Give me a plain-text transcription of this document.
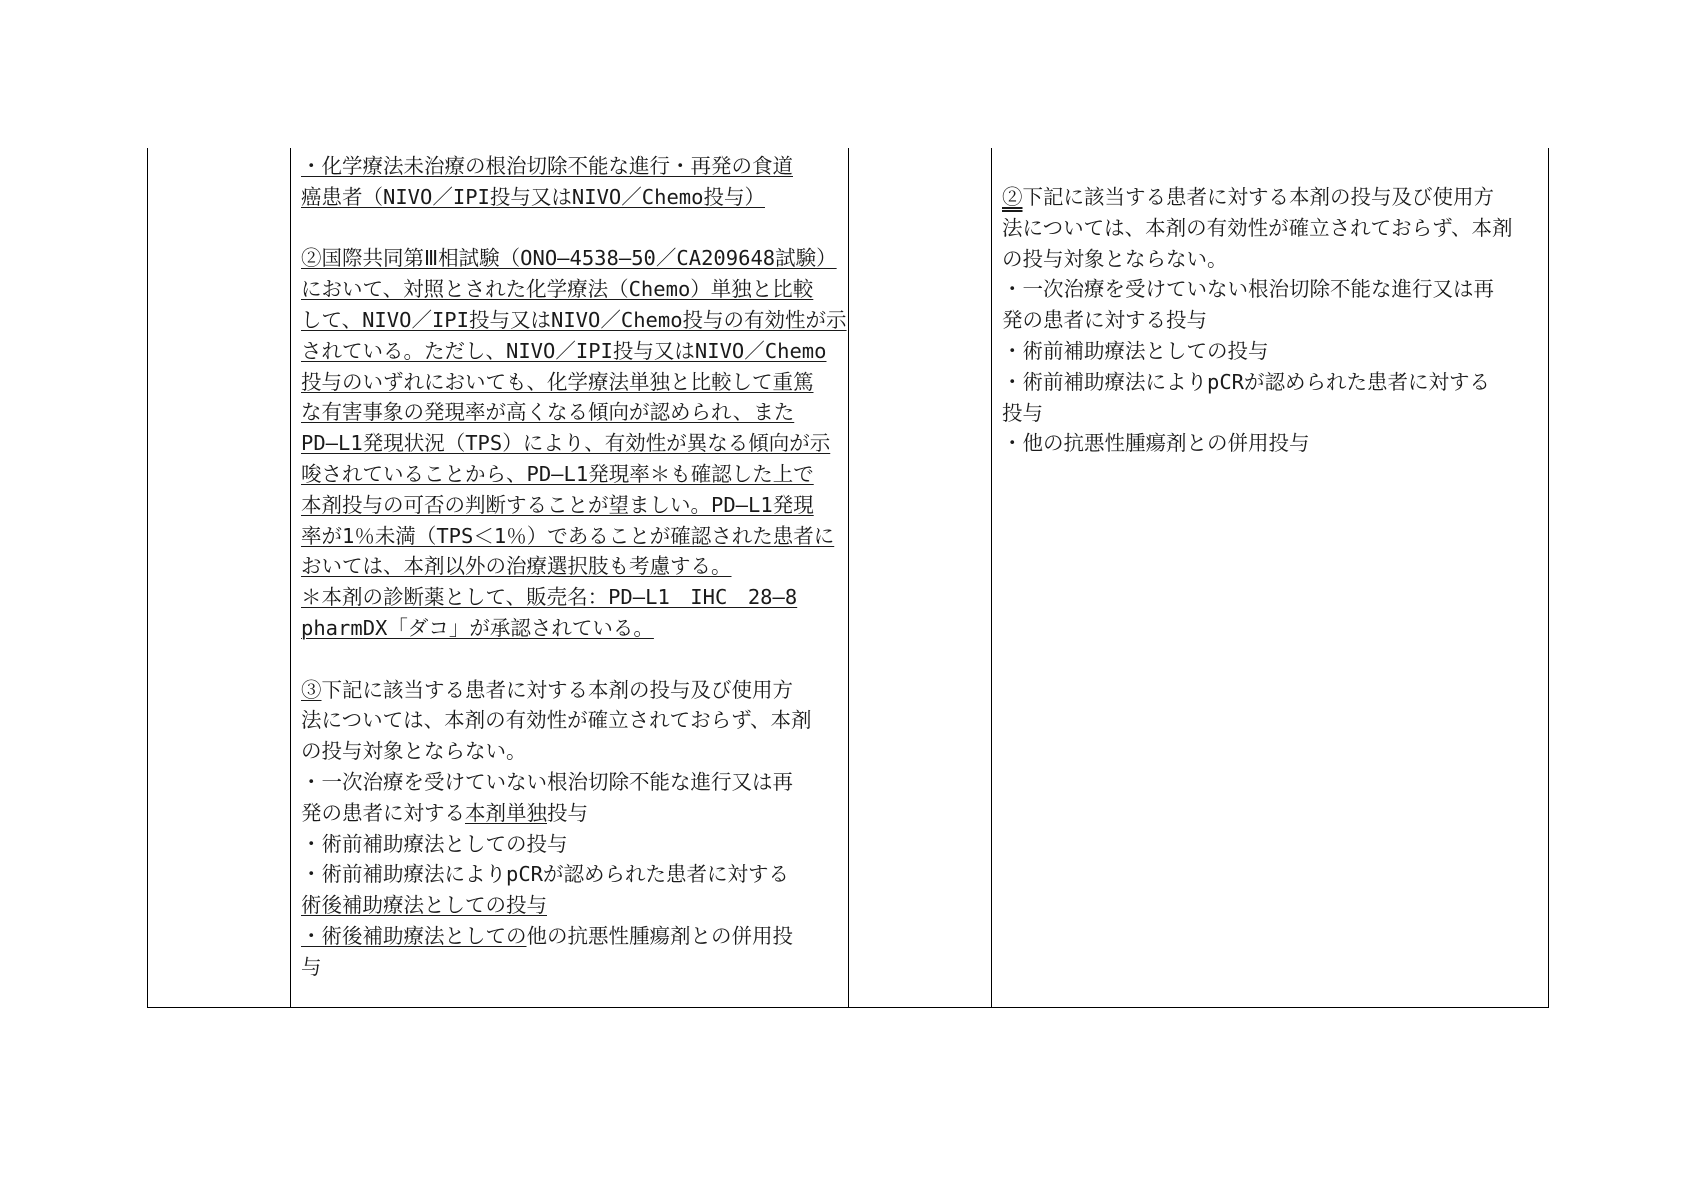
・化学療法未治療の根治切除不能な進行・再発の食道
癌患者（NIVO／IPI投与又はNIVO／Chemo投与）
②国際共同第Ⅲ相試験（ONO―4538―50／CA209648試験）
において、対照とされた化学療法（Chemo）単独と比較
して、NIVO／IPI投与又はNIVO／Chemo投与の有効性が示
されている。ただし、NIVO／IPI投与又はNIVO／Chemo
投与のいずれにおいても、化学療法単独と比較して重篤
な有害事象の発現率が高くなる傾向が認められ、また
PD―L1発現状況（TPS）により、有効性が異なる傾向が示
唆されていることから、PD―L1発現率＊も確認した上で
本剤投与の可否の判断することが望ましい。PD―L1発現
率が1％未満（TPS＜1％）であることが確認された患者に
おいては、本剤以外の治療選択肢も考慮する。
＊本剤の診断薬として、販売名：PD―L1　IHC　28―8
pharmDX「ダコ」が承認されている。
③下記に該当する患者に対する本剤の投与及び使用方
法については、本剤の有効性が確立されておらず、本剤
の投与対象とならない。
・一次治療を受けていない根治切除不能な進行又は再
発の患者に対する本剤単独投与
・術前補助療法としての投与
・術前補助療法によりpCRが認められた患者に対する
術後補助療法としての投与
・術後補助療法としての他の抗悪性腫瘍剤との併用投
与
②下記に該当する患者に対する本剤の投与及び使用方
法については、本剤の有効性が確立されておらず、本剤
の投与対象とならない。
・一次治療を受けていない根治切除不能な進行又は再
発の患者に対する投与
・術前補助療法としての投与
・術前補助療法によりpCRが認められた患者に対する
投与
・他の抗悪性腫瘍剤との併用投与
